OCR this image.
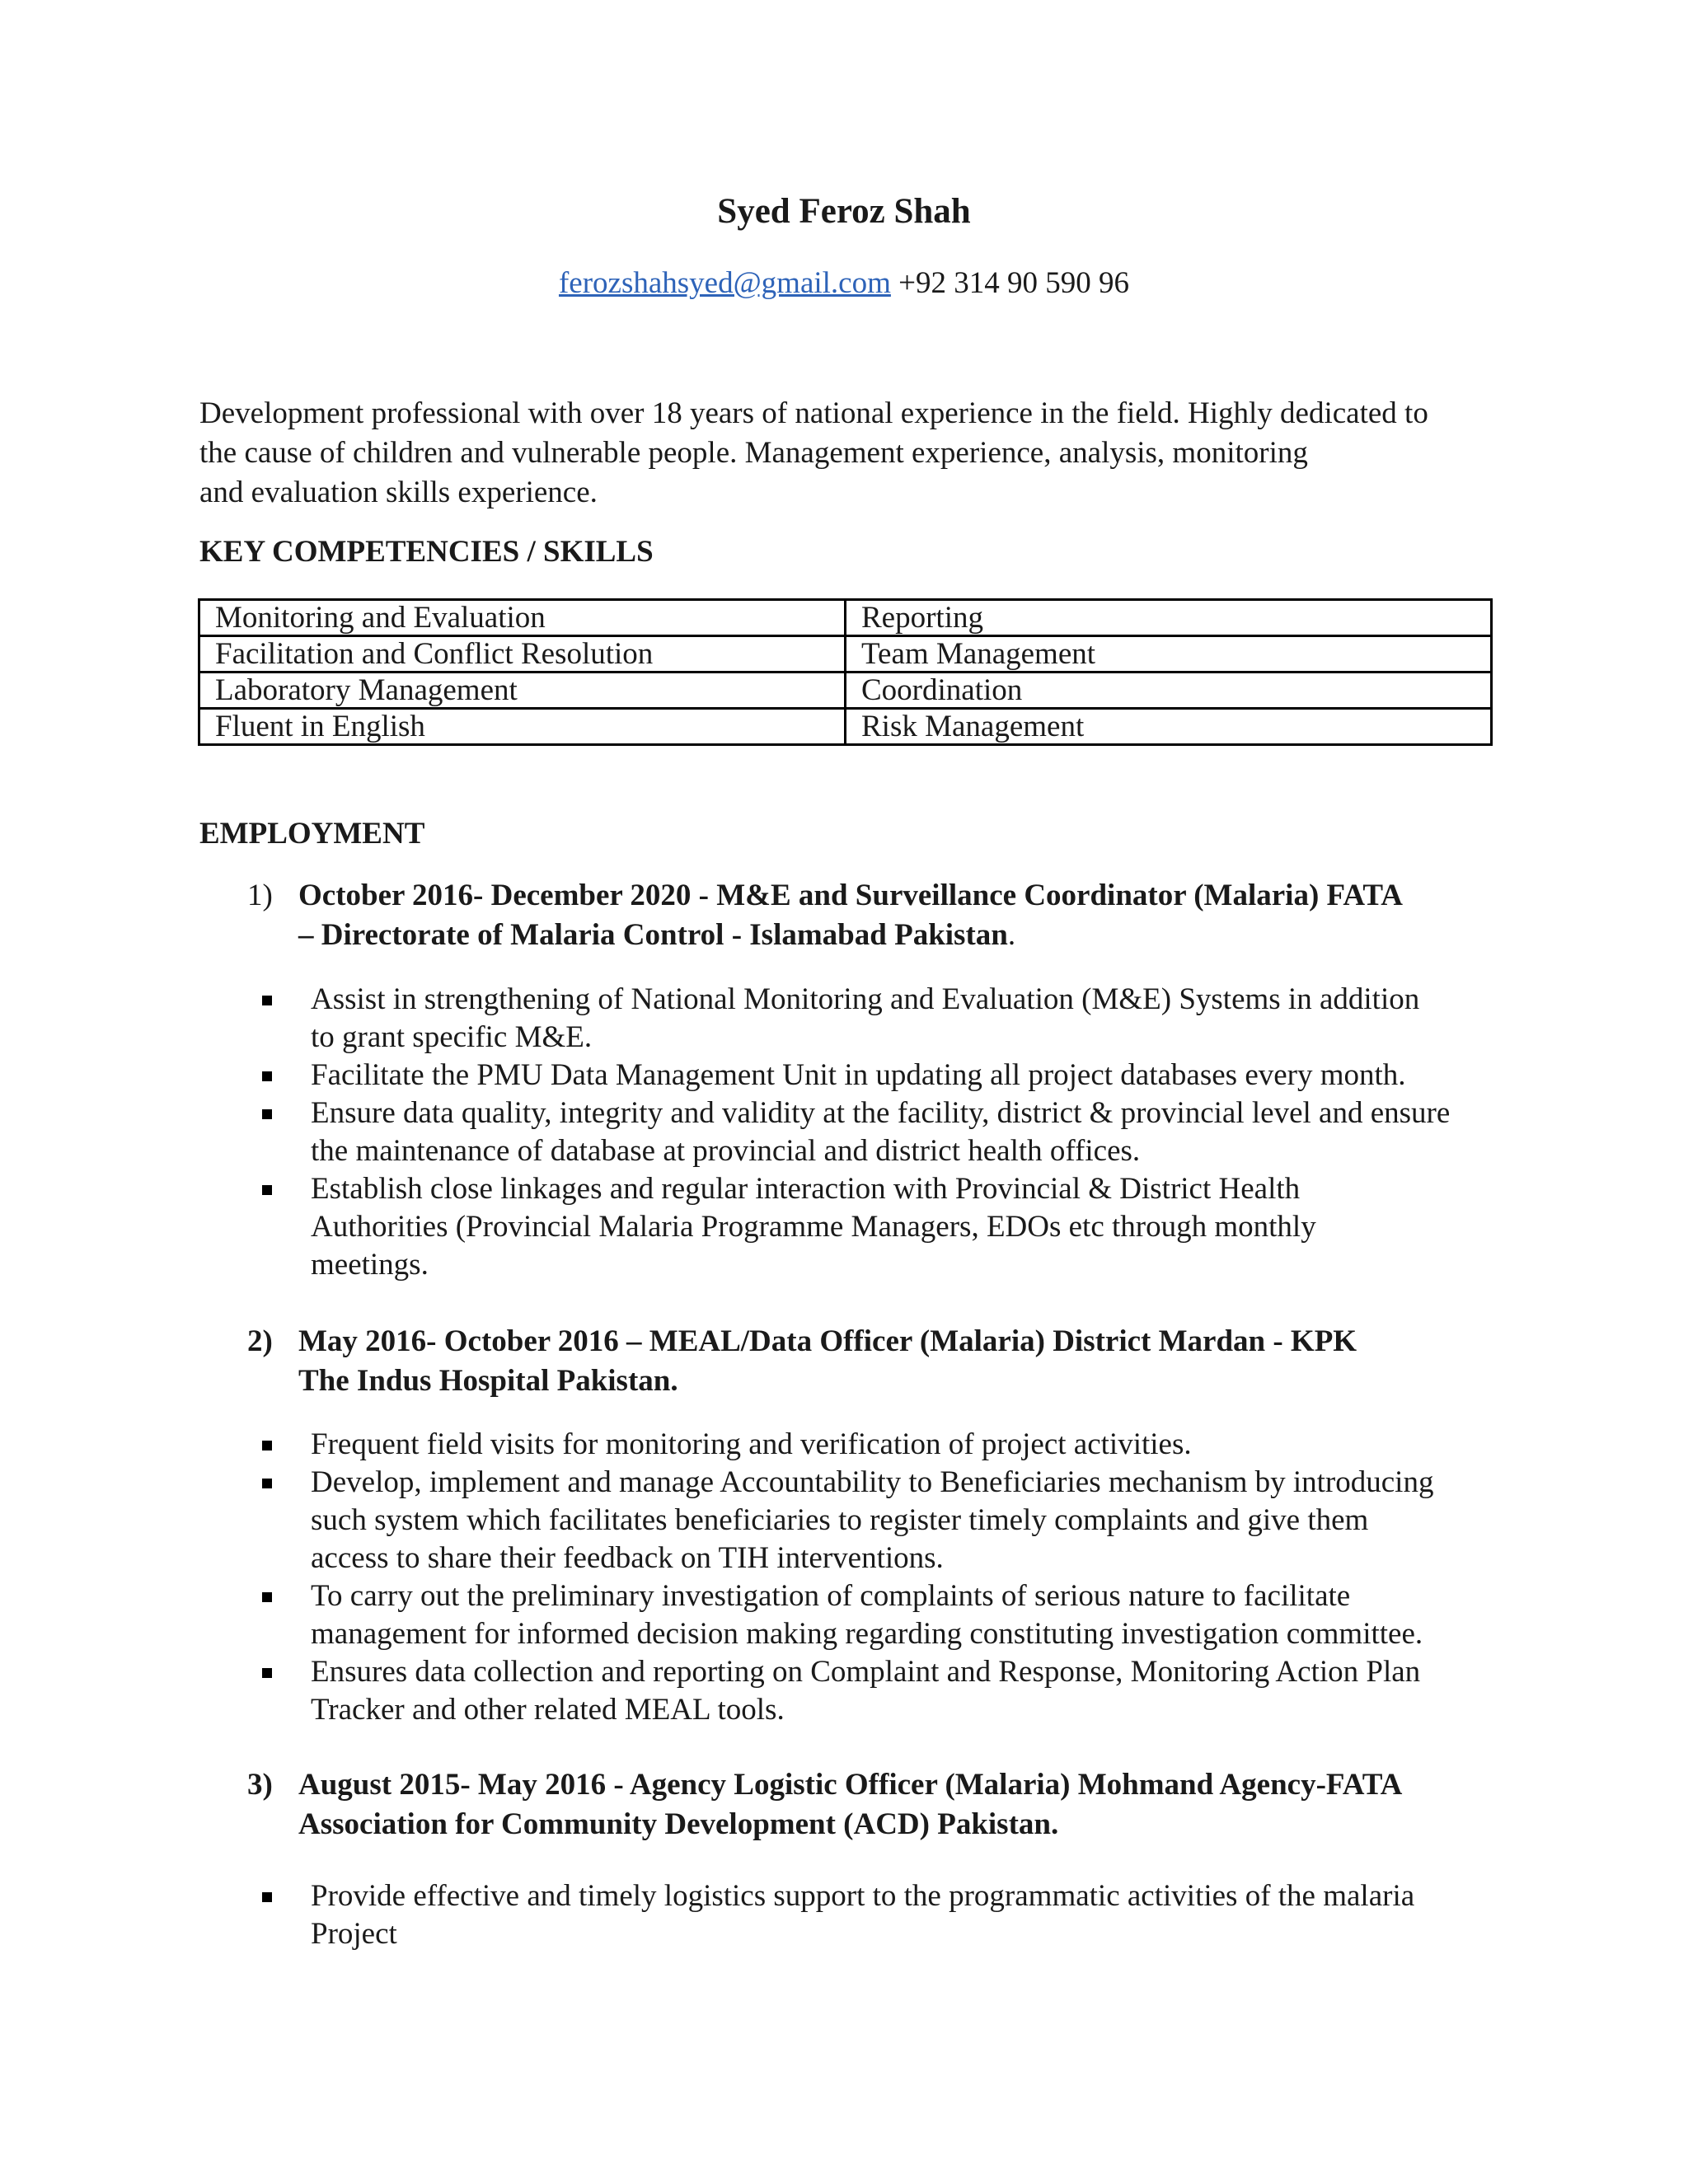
Syed Feroz Shah
ferozshahsyed@gmail.com +92 314 90 590 96
Development professional with over 18 years of national experience in the field. Highly dedicated to
the cause of children and vulnerable people. Management experience, analysis, monitoring
and evaluation skills experience.
KEY COMPETENCIES / SKILLS
Monitoring and Evaluation	Reporting
Facilitation and Conflict Resolution	Team Management
Laboratory Management	Coordination
Fluent in English	Risk Management
EMPLOYMENT
1) October 2016- December 2020 - M&E and Surveillance Coordinator (Malaria) FATA
– Directorate of Malaria Control - Islamabad Pakistan.
Assist in strengthening of National Monitoring and Evaluation (M&E) Systems in addition
to grant specific M&E.
Facilitate the PMU Data Management Unit in updating all project databases every month.
Ensure data quality, integrity and validity at the facility, district & provincial level and ensure
the maintenance of database at provincial and district health offices.
Establish close linkages and regular interaction with Provincial & District Health
Authorities (Provincial Malaria Programme Managers, EDOs etc through monthly
meetings.
2) May 2016- October 2016 – MEAL/Data Officer (Malaria) District Mardan - KPK
The Indus Hospital Pakistan.
Frequent field visits for monitoring and verification of project activities.
Develop, implement and manage Accountability to Beneficiaries mechanism by introducing
such system which facilitates beneficiaries to register timely complaints and give them
access to share their feedback on TIH interventions.
To carry out the preliminary investigation of complaints of serious nature to facilitate
management for informed decision making regarding constituting investigation committee.
Ensures data collection and reporting on Complaint and Response, Monitoring Action Plan
Tracker and other related MEAL tools.
3) August 2015- May 2016 - Agency Logistic Officer (Malaria) Mohmand Agency-FATA
Association for Community Development (ACD) Pakistan.
Provide effective and timely logistics support to the programmatic activities of the malaria
Project
